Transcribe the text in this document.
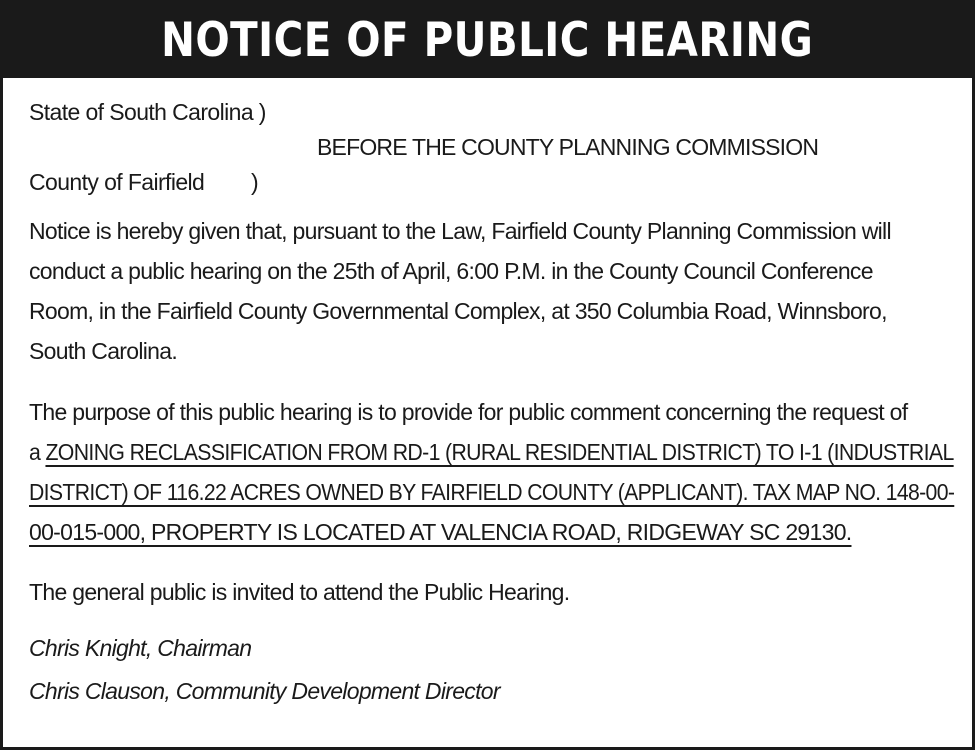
NOTICE OF PUBLIC HEARING
State of South Carolina )
BEFORE THE COUNTY PLANNING COMMISSION
County of Fairfield )

Notice is hereby given that, pursuant to the Law, Fairfield County Planning Commission will

conduct a public hearing on the 25th of April, 6:00 P.M. in the County Council Conference

Room, in the Fairfield County Governmental Complex, at 350 Columbia Road, Winnsboro,

South Carolina.

The purpose of this public hearing is to provide for public comment concerning the request of

a ZONING RECLASSIFICATION FROM RD-1 (RURAL RESIDENTIAL DISTRICT) TO I-1 (INDUSTRIAL

DISTRICT) OF 116.22 ACRES OWNED BY FAIRFIELD COUNTY (APPLICANT). TAX MAP NO. 148-00-

00-015-000, PROPERTY IS LOCATED AT VALENCIA ROAD, RIDGEWAY SC 29130.

The general public is invited to attend the Public Hearing.

Chris Knight, Chairman
Chris Clauson, Community Development Director
